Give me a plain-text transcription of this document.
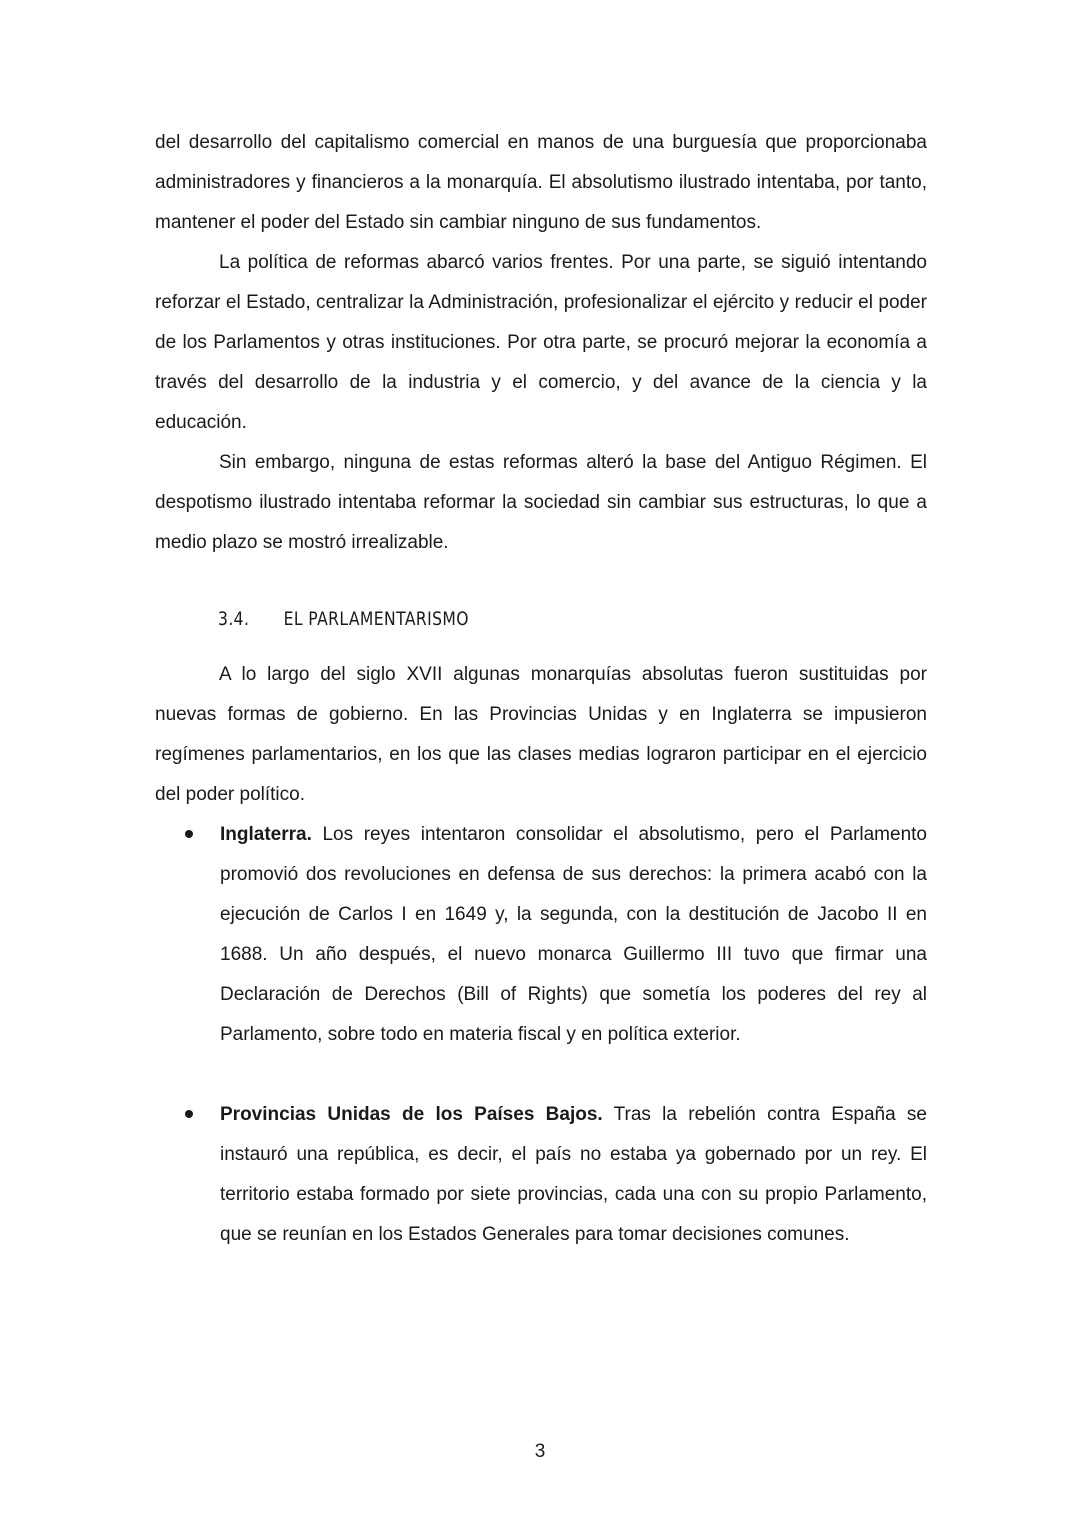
del desarrollo del capitalismo comercial en manos de una burguesía que proporcionaba administradores y financieros a la monarquía. El absolutismo ilustrado intentaba, por tanto, mantener el poder del Estado sin cambiar ninguno de sus fundamentos.

La política de reformas abarcó varios frentes. Por una parte, se siguió intentando reforzar el Estado, centralizar la Administración, profesionalizar el ejército y reducir el poder de los Parlamentos y otras instituciones. Por otra parte, se procuró mejorar la economía a través del desarrollo de la industria y el comercio, y del avance de la ciencia y la educación.

Sin embargo, ninguna de estas reformas alteró la base del Antiguo Régimen. El despotismo ilustrado intentaba reformar la sociedad sin cambiar sus estructuras, lo que a medio plazo se mostró irrealizable.

3.4. EL PARLAMENTARISMO

A lo largo del siglo XVII algunas monarquías absolutas fueron sustituidas por nuevas formas de gobierno. En las Provincias Unidas y en Inglaterra se impusieron regímenes parlamentarios, en los que las clases medias lograron participar en el ejercicio del poder político.

Inglaterra. Los reyes intentaron consolidar el absolutismo, pero el Parlamento promovió dos revoluciones en defensa de sus derechos: la primera acabó con la ejecución de Carlos I en 1649 y, la segunda, con la destitución de Jacobo II en 1688. Un año después, el nuevo monarca Guillermo III tuvo que firmar una Declaración de Derechos (Bill of Rights) que sometía los poderes del rey al Parlamento, sobre todo en materia fiscal y en política exterior.
Provincias Unidas de los Países Bajos. Tras la rebelión contra España se instauró una república, es decir, el país no estaba ya gobernado por un rey. El territorio estaba formado por siete provincias, cada una con su propio Parlamento, que se reunían en los Estados Generales para tomar decisiones comunes.
3
